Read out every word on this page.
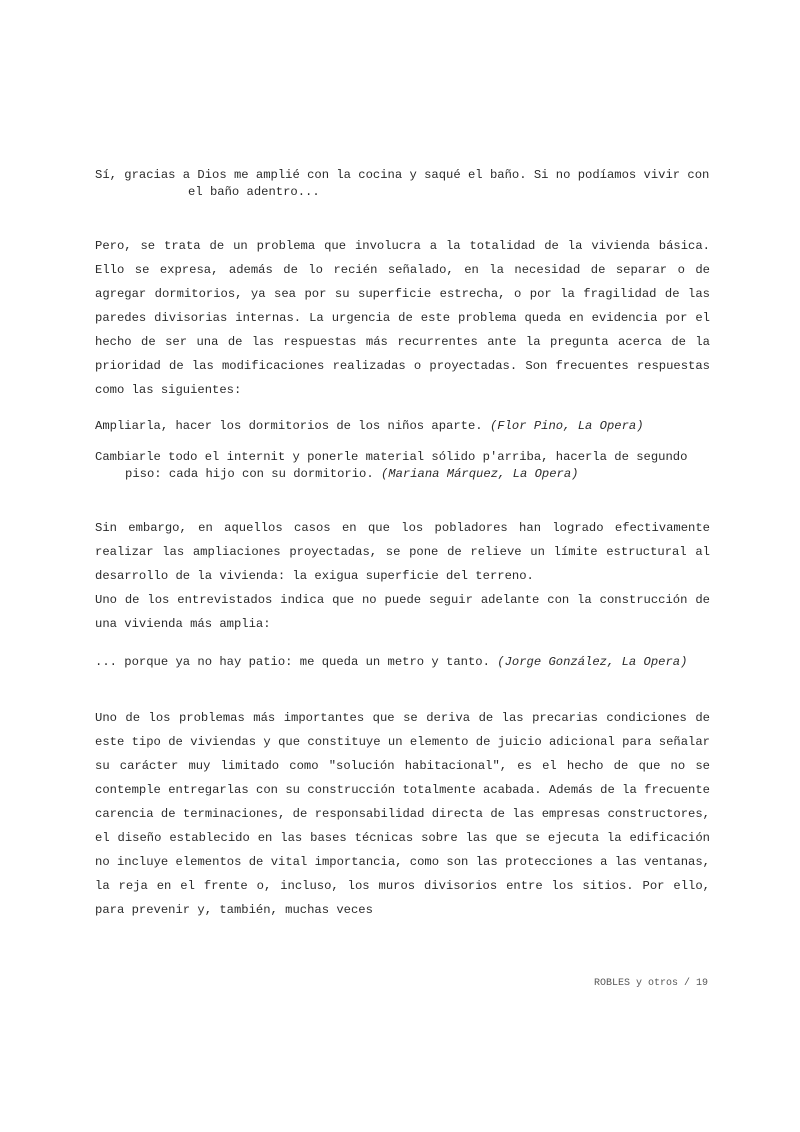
Sí, gracias a Dios me amplié con la cocina y saqué el baño. Si no podíamos vivir con el baño adentro...

Pero, se trata de un problema que involucra a la totalidad de la vivienda básica. Ello se expresa, además de lo recién señalado, en la necesidad de separar o de agregar dormitorios, ya sea por su superficie estrecha, o por la fragilidad de las paredes divisorias internas. La urgencia de este problema queda en evidencia por el hecho de ser una de las respuestas más recurrentes ante la pregunta acerca de la prioridad de las modificaciones realizadas o proyectadas. Son frecuentes respuestas como las siguientes:

Ampliarla, hacer los dormitorios de los niños aparte. (Flor Pino, La Opera)

Cambiarle todo el internit y ponerle material sólido p'arriba, hacerla de segundo piso: cada hijo con su dormitorio. (Mariana Márquez, La Opera)

Sin embargo, en aquellos casos en que los pobladores han logrado efectivamente realizar las ampliaciones proyectadas, se pone de relieve un límite estructural al desarrollo de la vivienda: la exigua superficie del terreno.

Uno de los entrevistados indica que no puede seguir adelante con la construcción de una vivienda más amplia:

... porque ya no hay patio: me queda un metro y tanto. (Jorge González, La Opera)

Uno de los problemas más importantes que se deriva de las precarias condiciones de este tipo de viviendas y que constituye un elemento de juicio adicional para señalar su carácter muy limitado como "solución habitacional", es el hecho de que no se contemple entregarlas con su construcción totalmente acabada. Además de la frecuente carencia de terminaciones, de responsabilidad directa de las empresas constructores, el diseño establecido en las bases técnicas sobre las que se ejecuta la edificación no incluye elementos de vital importancia, como son las protecciones a las ventanas, la reja en el frente o, incluso, los muros divisorios entre los sitios. Por ello, para prevenir y, también, muchas veces

ROBLES y otros / 19
